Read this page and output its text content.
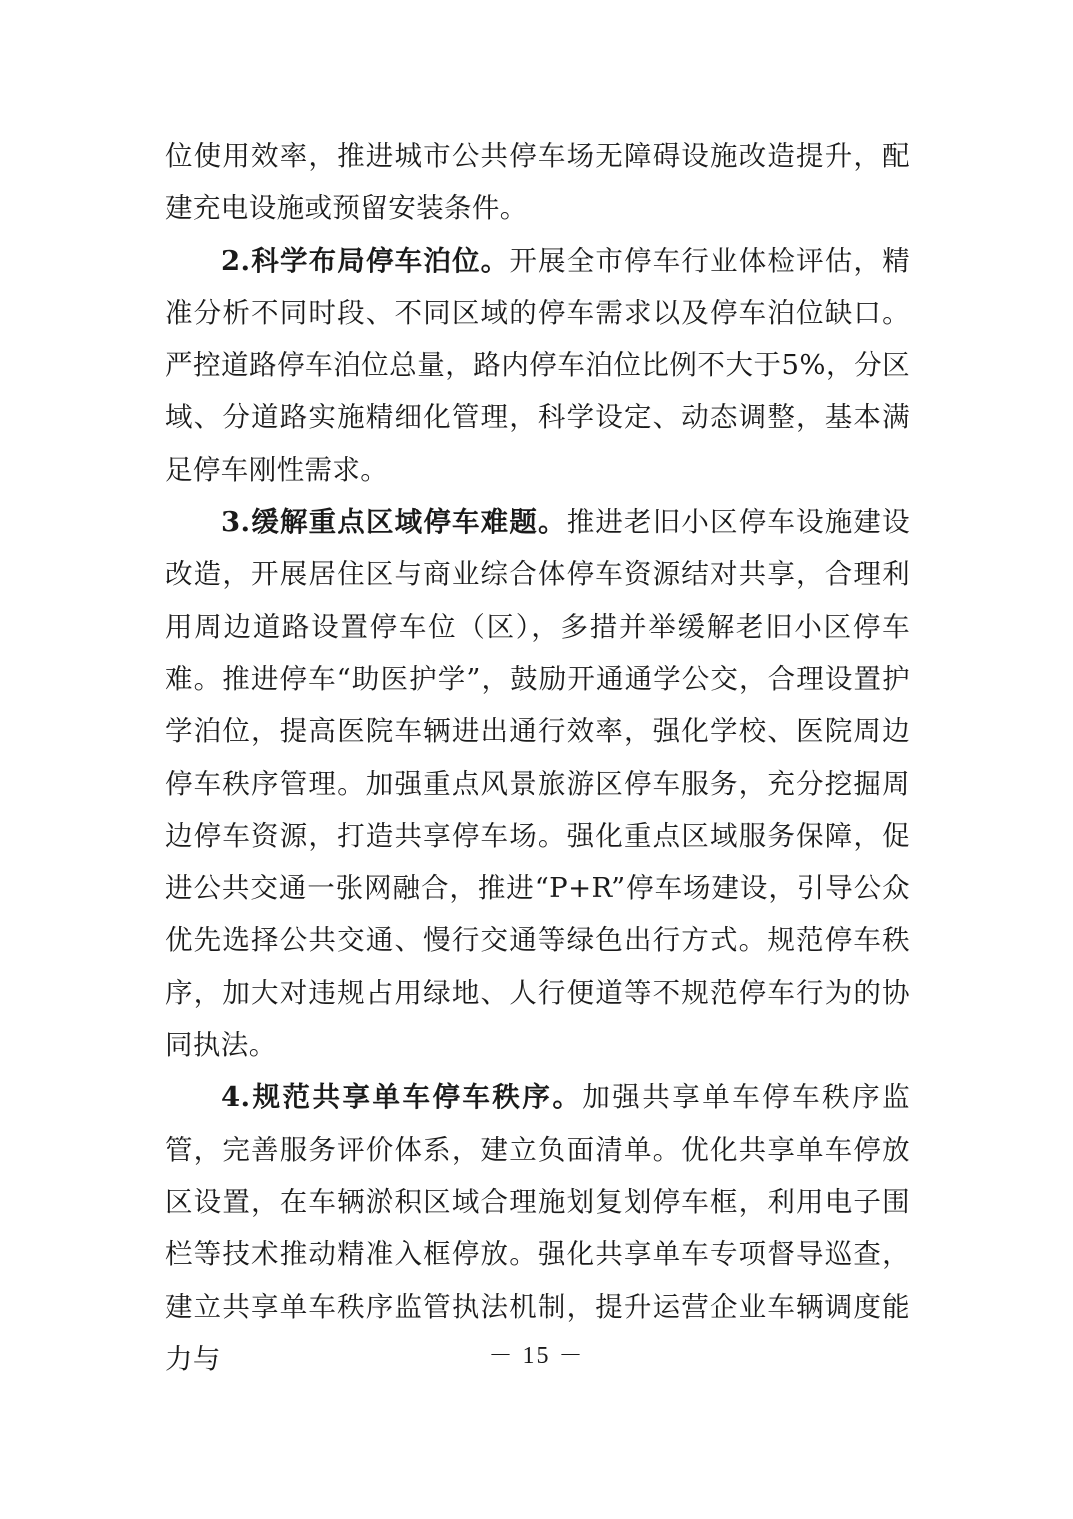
位使用效率，推进城市公共停车场无障碍设施改造提升，配建充电设施或预留安装条件。

2.科学布局停车泊位。开展全市停车行业体检评估，精准分析不同时段、不同区域的停车需求以及停车泊位缺口。严控道路停车泊位总量，路内停车泊位比例不大于5%，分区域、分道路实施精细化管理，科学设定、动态调整，基本满足停车刚性需求。

3.缓解重点区域停车难题。推进老旧小区停车设施建设改造，开展居住区与商业综合体停车资源结对共享，合理利用周边道路设置停车位（区），多措并举缓解老旧小区停车难。推进停车“助医护学”，鼓励开通通学公交，合理设置护学泊位，提高医院车辆进出通行效率，强化学校、医院周边停车秩序管理。加强重点风景旅游区停车服务，充分挖掘周边停车资源，打造共享停车场。强化重点区域服务保障，促进公共交通一张网融合，推进“P+R”停车场建设，引导公众优先选择公共交通、慢行交通等绿色出行方式。规范停车秩序，加大对违规占用绿地、人行便道等不规范停车行为的协同执法。

4.规范共享单车停车秩序。加强共享单车停车秩序监管，完善服务评价体系，建立负面清单。优化共享单车停放区设置，在车辆淤积区域合理施划复划停车框，利用电子围栏等技术推动精准入框停放。强化共享单车专项督导巡查，建立共享单车秩序监管执法机制，提升运营企业车辆调度能力与	－ 15 －
